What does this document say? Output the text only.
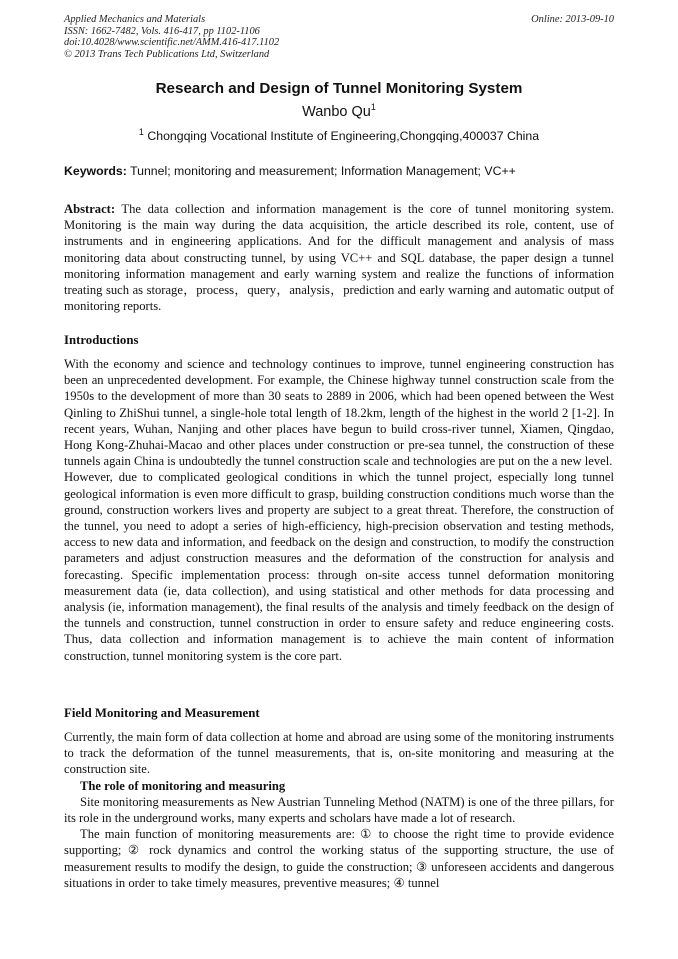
Applied Mechanics and Materials
ISSN: 1662-7482, Vols. 416-417, pp 1102-1106
doi:10.4028/www.scientific.net/AMM.416-417.1102
© 2013 Trans Tech Publications Ltd, Switzerland
Online: 2013-09-10
Research and Design of Tunnel Monitoring System
Wanbo Qu$^1$
$^1$ Chongqing Vocational Institute of Engineering,Chongqing,400037 China
Keywords: Tunnel; monitoring and measurement; Information Management; VC++

Abstract: The data collection and information management is the core of tunnel monitoring system. Monitoring is the main way during the data acquisition, the article described its role, content, use of instruments and in engineering applications. And for the difficult management and analysis of mass monitoring data about constructing tunnel, by using VC++ and SQL database, the paper design a tunnel monitoring information management and early warning system and realize the functions of information treating such as storage，process，query，analysis，prediction and early warning and automatic output of monitoring reports.

Introductions

With the economy and science and technology continues to improve, tunnel engineering construction has been an unprecedented development. For example, the Chinese highway tunnel construction scale from the 1950s to the development of more than 30 seats to 2889 in 2006, which had been opened between the West Qinling to ZhiShui tunnel, a single-hole total length of 18.2km, length of the highest in the world 2 [1-2]. In recent years, Wuhan, Nanjing and other places have begun to build cross-river tunnel, Xiamen, Qingdao, Hong Kong-Zhuhai-Macao and other places under construction or pre-sea tunnel, the construction of these tunnels again China is undoubtedly the tunnel construction scale and technologies are put on the a new level.

However, due to complicated geological conditions in which the tunnel project, especially long tunnel geological information is even more difficult to grasp, building construction conditions much worse than the ground, construction workers lives and property are subject to a great threat. Therefore, the construction of the tunnel, you need to adopt a series of high-efficiency, high-precision observation and testing methods, access to new data and information, and feedback on the design and construction, to modify the construction parameters and adjust construction measures and the deformation of the construction for analysis and forecasting. Specific implementation process: through on-site access tunnel deformation monitoring measurement data (ie, data collection), and using statistical and other methods for data processing and analysis (ie, information management), the final results of the analysis and timely feedback on the design of the tunnels and construction, tunnel construction in order to ensure safety and reduce engineering costs. Thus, data collection and information management is to achieve the main content of information construction, tunnel monitoring system is the core part.

Field Monitoring and Measurement

Currently, the main form of data collection at home and abroad are using some of the monitoring instruments to track the deformation of the tunnel measurements, that is, on-site monitoring and measuring at the construction site.

The role of monitoring and measuring

Site monitoring measurements as New Austrian Tunneling Method (NATM) is one of the three pillars, for its role in the underground works, many experts and scholars have made a lot of research.

The main function of monitoring measurements are: ① to choose the right time to provide evidence supporting; ② rock dynamics and control the working status of the supporting structure, the use of measurement results to modify the design, to guide the construction; ③ unforeseen accidents and dangerous situations in order to take timely measures, preventive measures; ④ tunnel
